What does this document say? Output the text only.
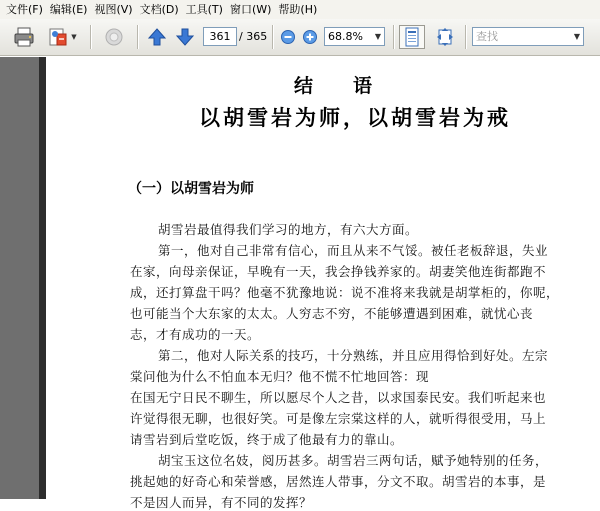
文件(F) 编辑(E) 视图(V) 文档(D) 工具(T) 窗口(W) 帮助(H)
▼	361 / 365	68.8%	▼	查找	▼
结语
以胡雪岩为师，以胡雪岩为戒
（一）以胡雪岩为师
胡雪岩最值得我们学习的地方，有六大方面。
第一，他对自己非常有信心，而且从来不气馁。被任老板辞退，失业
在家，向母亲保证，早晚有一天，我会挣钱养家的。胡妻笑他连街都跑不
成，还打算盘干吗？他毫不犹豫地说：说不准将来我就是胡掌柜的，你呢，
也可能当个大东家的太太。人穷志不穷，不能够遭遇到困难，就忧心丧
志，才有成功的一天。
第二，他对人际关系的技巧，十分熟练，并且应用得恰到好处。左宗
棠问他为什么不怕血本无归？他不慌不忙地回答：现
在国无宁日民不聊生，所以愿尽个人之昔，以求国泰民安。我们听起来也
许觉得很无聊，也很好笑。可是像左宗棠这样的人，就听得很受用，马上
请雪岩到后堂吃饭，终于成了他最有力的靠山。
胡宝玉这位名妓，阅历甚多。胡雪岩三两句话，赋予她特别的任务，
挑起她的好奇心和荣誉感，居然连人带事，分文不取。胡雪岩的本事，是
不是因人而异，有不同的发挥？
